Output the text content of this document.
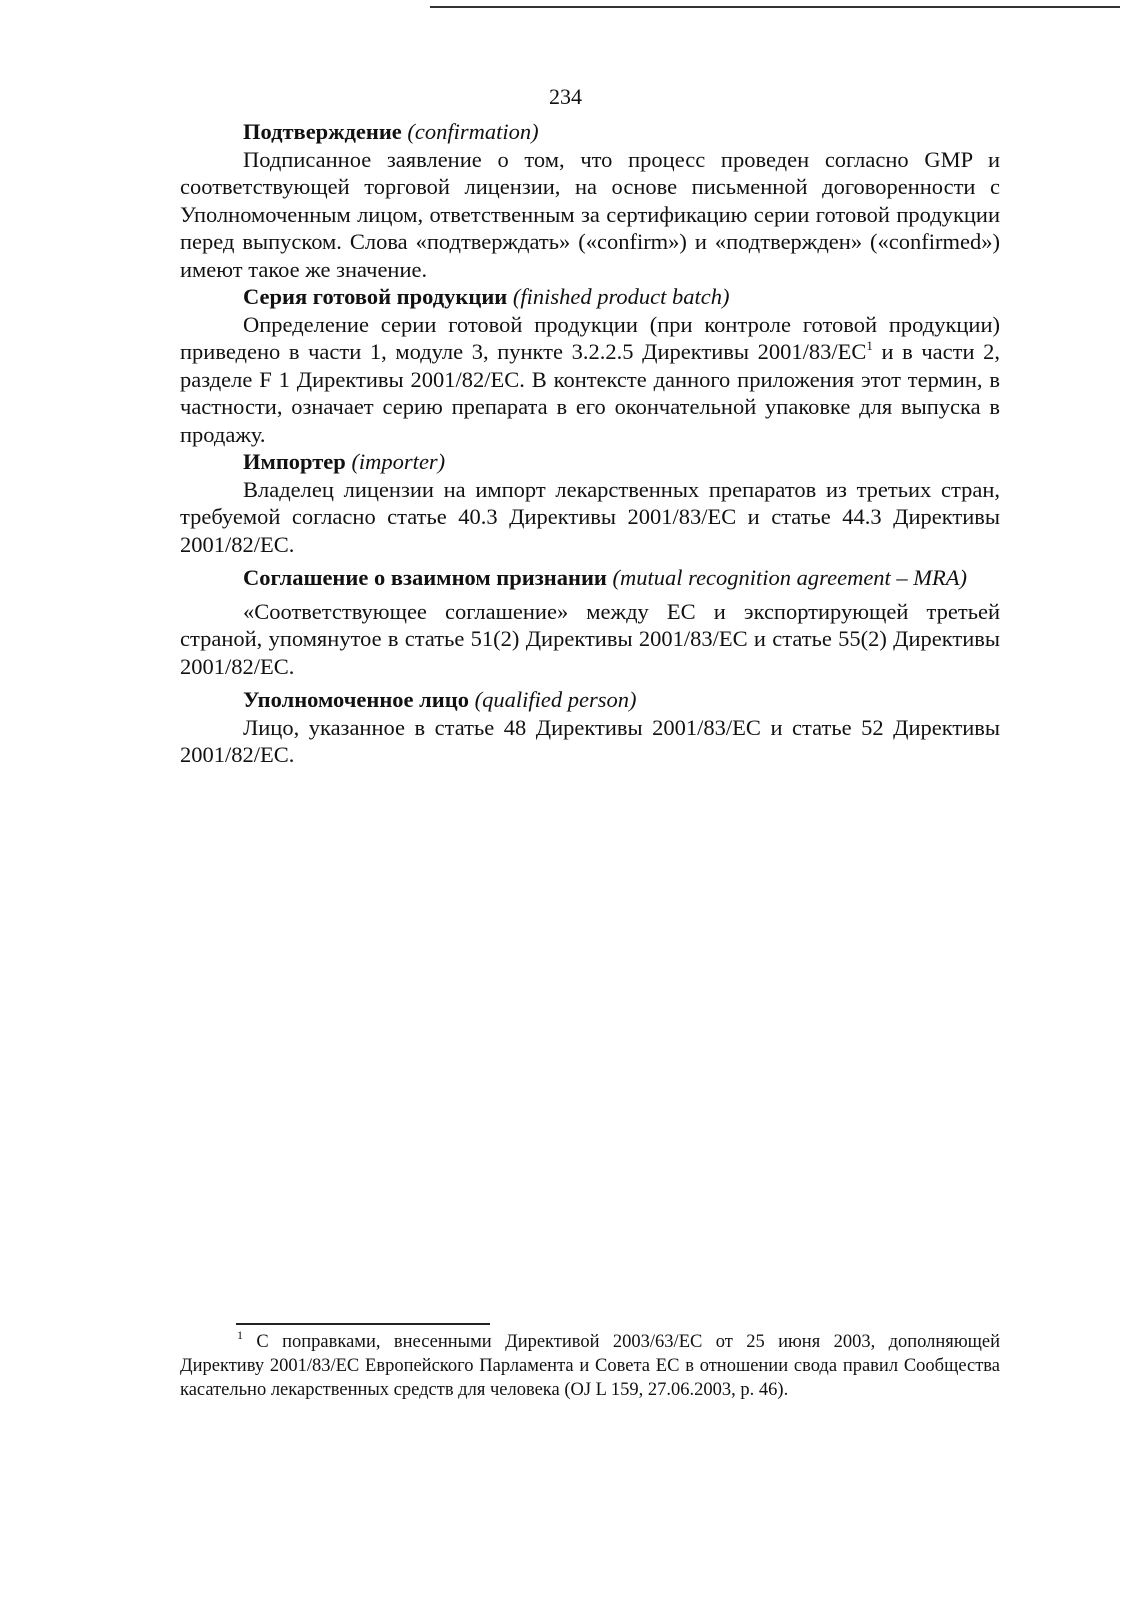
234

Подтверждение (confirmation)

Подписанное заявление о том, что процесс проведен согласно GMP и соответствующей торговой лицензии, на основе письменной договоренности с Уполномоченным лицом, ответственным за сертификацию серии готовой продукции перед выпуском. Слова «подтверждать» («confirm») и «подтвержден» («confirmed») имеют такое же значение.

Серия готовой продукции (finished product batch)

Определение серии готовой продукции (при контроле готовой продукции) приведено в части 1, модуле 3, пункте 3.2.2.5 Директивы $2001/83/ЕС^1$ и в части 2, разделе F 1 Директивы 2001/82/ЕС. В контексте данного приложения этот термин, в частности, означает серию препарата в его окончательной упаковке для выпуска в продажу.

Импортер (importer)

Владелец лицензии на импорт лекарственных препаратов из третьих стран, требуемой согласно статье 40.3 Директивы 2001/83/ЕС и статье 44.3 Директивы 2001/82/ЕС.

Соглашение о взаимном признании (mutual recognition agreement – MRA)

«Соответствующее соглашение» между ЕС и экспортирующей третьей страной, упомянутое в статье 51(2) Директивы 2001/83/ЕС и статье 55(2) Директивы 2001/82/ЕС.

Уполномоченное лицо (qualified person)

Лицо, указанное в статье 48 Директивы 2001/83/ЕС и статье 52 Директивы 2001/82/ЕС.

$^1$ С поправками, внесенными Директивой 2003/63/ЕС от 25 июня 2003, дополняющей Директиву 2001/83/ЕС Европейского Парламента и Совета ЕС в отношении свода правил Сообщества касательно лекарственных средств для человека (OJ L 159, 27.06.2003, p. 46).
